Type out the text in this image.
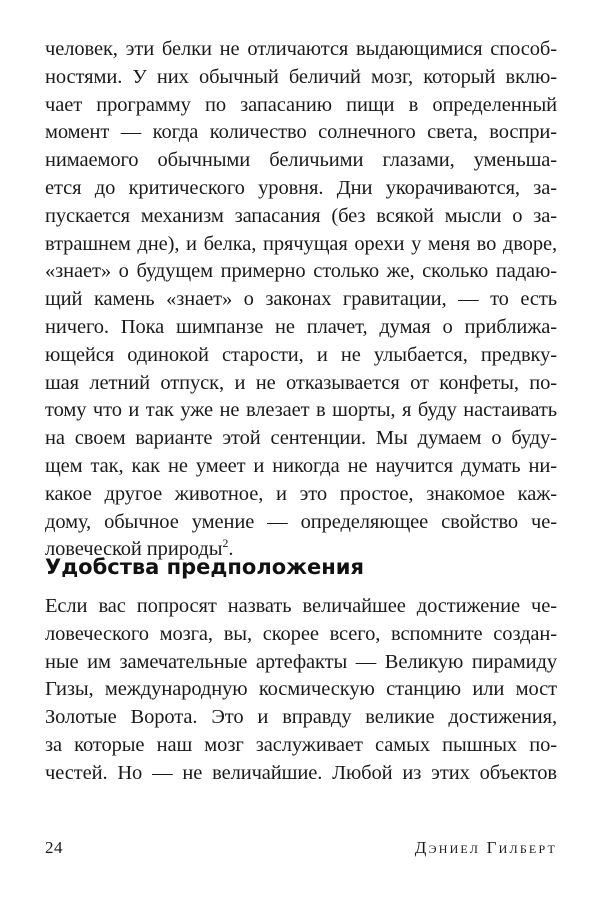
человек, эти белки не отличаются выдающимися способ-
ностями. У них обычный беличий мозг, который вклю-
чает программу по запасанию пищи в определенный
момент — когда количество солнечного света, воспри-
нимаемого обычными беличьими глазами, уменьша-
ется до критического уровня. Дни укорачиваются, за-
пускается механизм запасания (без всякой мысли о за-
втрашнем дне), и белка, прячущая орехи у меня во дворе,
«знает» о будущем примерно столько же, сколько падаю-
щий камень «знает» о законах гравитации, — то есть
ничего. Пока шимпанзе не плачет, думая о приближа-
ющейся одинокой старости, и не улыбается, предвку-
шая летний отпуск, и не отказывается от конфеты, по-
тому что и так уже не влезает в шорты, я буду настаивать
на своем варианте этой сентенции. Мы думаем о буду-
щем так, как не умеет и никогда не научится думать ни-
какое другое животное, и это простое, знакомое каж-
дому, обычное умение — определяющее свойство че-
ловеческой природы$^2$.
Удобства предположения
Если вас попросят назвать величайшее достижение че-
ловеческого мозга, вы, скорее всего, вспомните создан-
ные им замечательные артефакты — Великую пирамиду
Гизы, международную космическую станцию или мост
Золотые Ворота. Это и вправду великие достижения,
за которые наш мозг заслуживает самых пышных по-
честей. Но — не величайшие. Любой из этих объектов
24	Дэниел Гилберт
